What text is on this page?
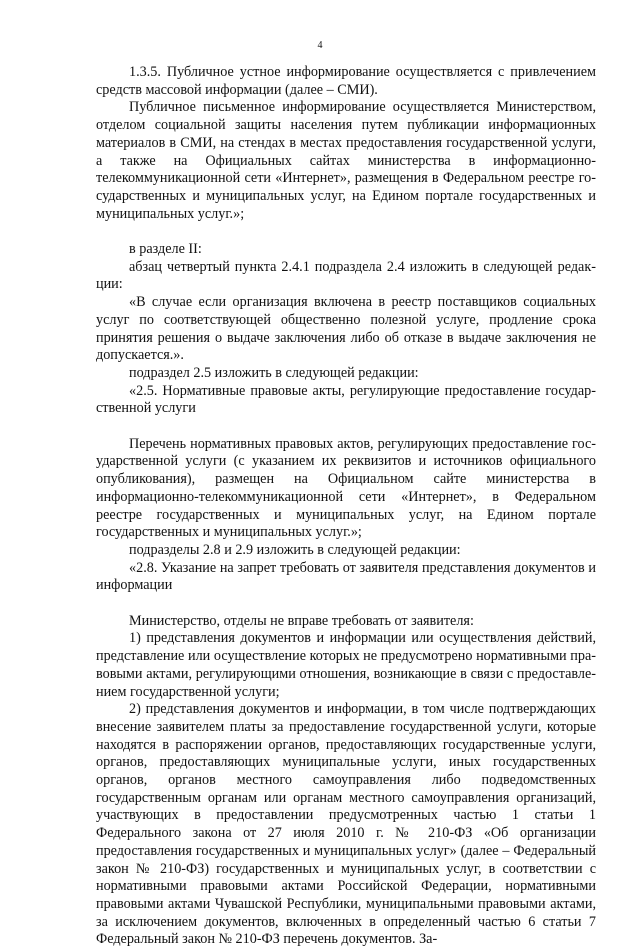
4

1.3.5. Публичное устное информирование осуществляется с привлечением средств массовой информации (далее – СМИ).

Публичное письменное информирование осуществляется Министерством, отделом социальной защиты населения путем публикации информационных материалов в СМИ, на стендах в местах предоставления государственной услуги, а также на Официальных сайтах министерства в информационно-телекоммуникационной сети «Интернет», размещения в Федеральном реестре государственных и муниципальных услуг, на Едином портале государственных и муниципальных услуг.»;

в разделе II:

абзац четвертый пункта 2.4.1 подраздела 2.4 изложить в следующей редакции:

«В случае если организация включена в реестр поставщиков социальных услуг по соответствующей общественно полезной услуге, продление срока принятия решения о выдаче заключения либо об отказе в выдаче заключения не допускается.».

подраздел 2.5 изложить в следующей редакции:

«2.5. Нормативные правовые акты, регулирующие предоставление государственной услуги

Перечень нормативных правовых актов, регулирующих предоставление государственной услуги (с указанием их реквизитов и источников официального опубликования), размещен на Официальном сайте министерства в информационно-телекоммуникационной сети «Интернет», в Федеральном реестре государственных и муниципальных услуг, на Едином портале государственных и муниципальных услуг.»;

подразделы 2.8 и 2.9 изложить в следующей редакции:

«2.8. Указание на запрет требовать от заявителя представления документов и информации

Министерство, отделы не вправе требовать от заявителя:

1) представления документов и информации или осуществления действий, представление или осуществление которых не предусмотрено нормативными правовыми актами, регулирующими отношения, возникающие в связи с предоставлением государственной услуги;

2) представления документов и информации, в том числе подтверждающих внесение заявителем платы за предоставление государственной услуги, которые находятся в распоряжении органов, предоставляющих государственные услуги, органов, предоставляющих муниципальные услуги, иных государственных органов, органов местного самоуправления либо подведомственных государственным органам или органам местного самоуправления организаций, участвующих в предоставлении предусмотренных частью 1 статьи 1 Федерального закона от 27 июля 2010 г. № 210-ФЗ «Об организации предоставления государственных и муниципальных услуг» (далее – Федеральный закон № 210-ФЗ) государственных и муниципальных услуг, в соответствии с нормативными правовыми актами Российской Федерации, нормативными правовыми актами Чувашской Республики, муниципальными правовыми актами, за исключением документов, включенных в определенный частью 6 статьи 7 Федеральный закон № 210-ФЗ перечень документов. За-
